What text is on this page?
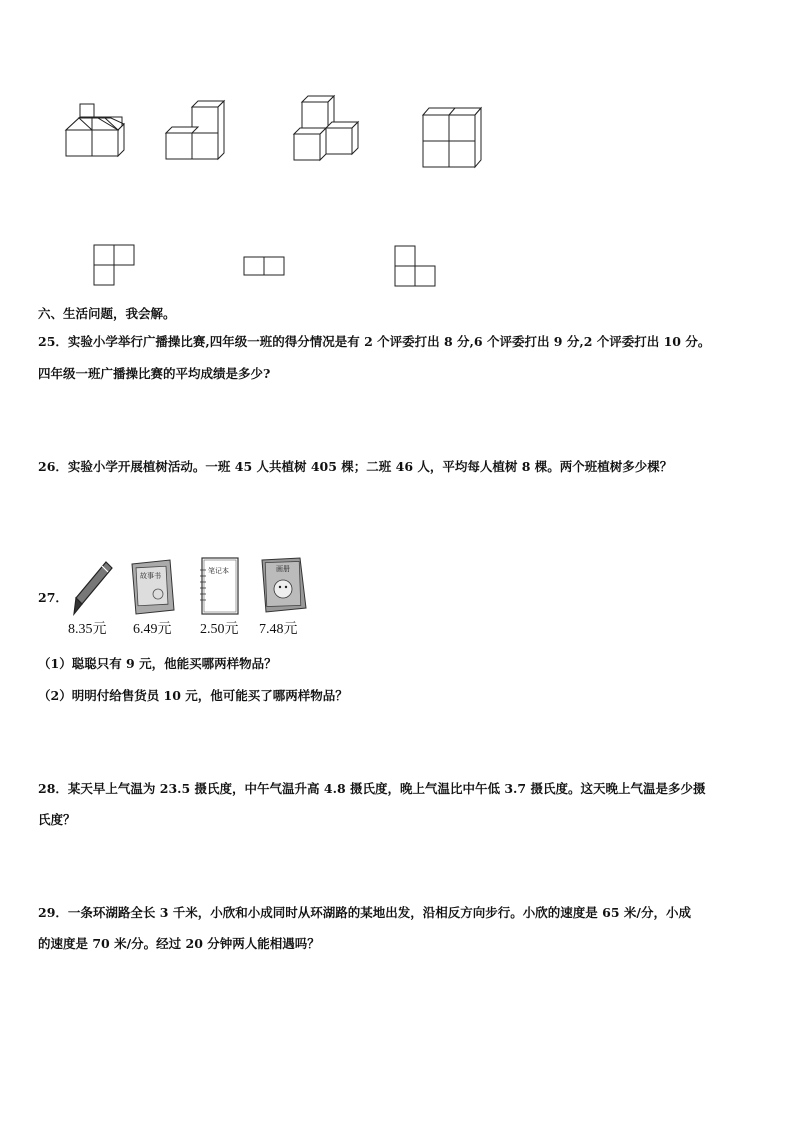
六、生活问题，我会解。
25．实验小学举行广播操比赛,四年级一班的得分情况是有 2 个评委打出 8 分,6 个评委打出 9 分,2 个评委打出 10 分。
四年级一班广播操比赛的平均成绩是多少?
26．实验小学开展植树活动。一班 45 人共植树 405 棵；二班 46 人，平均每人植树 8 棵。两个班植树多少棵？
27．
故事书
笔记本	画册
8.35元 6.49元 2.50元 7.48元
（1）聪聪只有 9 元，他能买哪两样物品？
（2）明明付给售货员 10 元，他可能买了哪两样物品？
28．某天早上气温为 23.5 摄氏度，中午气温升高 4.8 摄氏度，晚上气温比中午低 3.7 摄氏度。这天晚上气温是多少摄
氏度？
29．一条环湖路全长 3 千米，小欣和小成同时从环湖路的某地出发，沿相反方向步行。小欣的速度是 65 米/分，小成
的速度是 70 米/分。经过 20 分钟两人能相遇吗？
